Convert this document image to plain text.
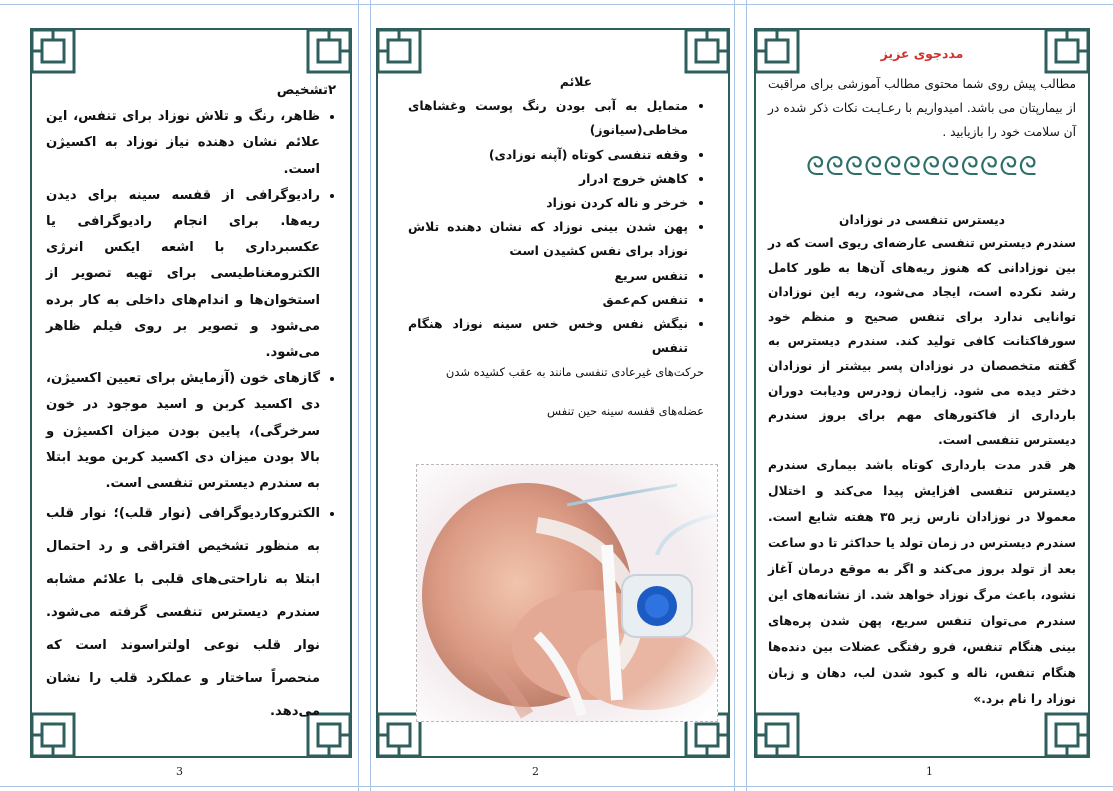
۲تشخیص

• ظاهر، رنگ و تلاش نوزاد برای تنفس، این علائم نشان دهنده نیاز نوزاد به اکسیژن است.
• رادیوگرافی از قفسه سینه برای دیدن ریه‌ها. برای انجام رادیوگرافی یا عکسبرداری با اشعه ایکس انرژی الکترومغناطیسی برای تهیه تصویر از استخوان‌ها و اندام‌های داخلی به کار برده می‌شود و تصویر بر روی فیلم ظاهر می‌شود.
• گازهای خون (آزمایش برای تعیین اکسیژن، دی اکسید کربن و اسید موجود در خون سرخرگی)، پایین بودن میزان اکسیژن و بالا بودن میزان دی اکسید کربن موید ابتلا به سندرم دیسترس تنفسی است.
• الکتروکاردیوگرافی (نوار قلب)؛ نوار قلب به منظور تشخیص افتراقی و رد احتمال ابتلا به ناراحتی‌های قلبی با علائم مشابه سندرم دیسترس تنفسی گرفته می‌شود. نوار قلب نوعی اولتراسوند است که منحصراً ساختار و عملکرد قلب را نشان می‌دهد.
3

علائم

• متمایل به آبی بودن رنگ پوست وغشاهای مخاطی(سیانوز)
• وقفه تنفسی کوتاه (آپنه نوزادی)
• کاهش خروج ادرار
• خرخر و ناله کردن نوزاد
• پهن شدن بینی نوزاد که نشان دهنده تلاش نوزاد برای نفس کشیدن است
• تنفس سریع
• تنفس کم‌عمق
• نیگش نفس وخس خس سینه نوزاد هنگام تنفس

حرکت‌های غیرعادی تنفسی مانند به عقب کشیده شدن

عضله‌های قفسه سینه حین تنفس

2

مددجوی عزیز

مطالب پیش روی شما محتوی مطالب آموزشی برای مراقبت از بیمارپتان می باشد. امیدواریم با رعـایـت نکات ذکر شده در آن سلامت خود را بازیابید .

ᘓᘓᘓᘓᘓᘓᘓᘓᘓᘓᘓᘓ

دیسترس تنفسی در نوزادان

سندرم دیسترس تنفسی عارضه‌ای ریوی است که در بین نوزادانی که هنوز ریه‌های آن‌ها به طور کامل رشد نکرده است، ایجاد می‌شود، ریه این نوزادان توانایی ندارد برای تنفس صحیح و منظم خود سورفاکتانت کافی تولید کند. سندرم دیسترس به گفته متخصصان در نوزادان پسر بیشتر از نوزادان دختر دیده می شود. زایمان زودرس ودیابت دوران بارداری از فاکتورهای مهم برای بروز سندرم دیسترس تنفسی است.

هر قدر مدت بارداری کوتاه باشد بیماری سندرم دیسترس تنفسی افزایش پیدا می‌کند و اختلال معمولا در نوزادان نارس زیر ۳۵ هفته شایع است. سندرم دیسترس در زمان تولد یا حداکثر تا دو ساعت بعد از تولد بروز می‌کند و اگر به موقع درمان آغاز نشود، باعث مرگ نوزاد خواهد شد. از نشانه‌های این سندرم می‌توان تنفس سریع، پهن شدن پره‌های بینی هنگام تنفس، فرو رفتگی عضلات بین دنده‌ها هنگام تنفس، ناله و کبود شدن لب، دهان و زبان نوزاد را نام برد.»

1
